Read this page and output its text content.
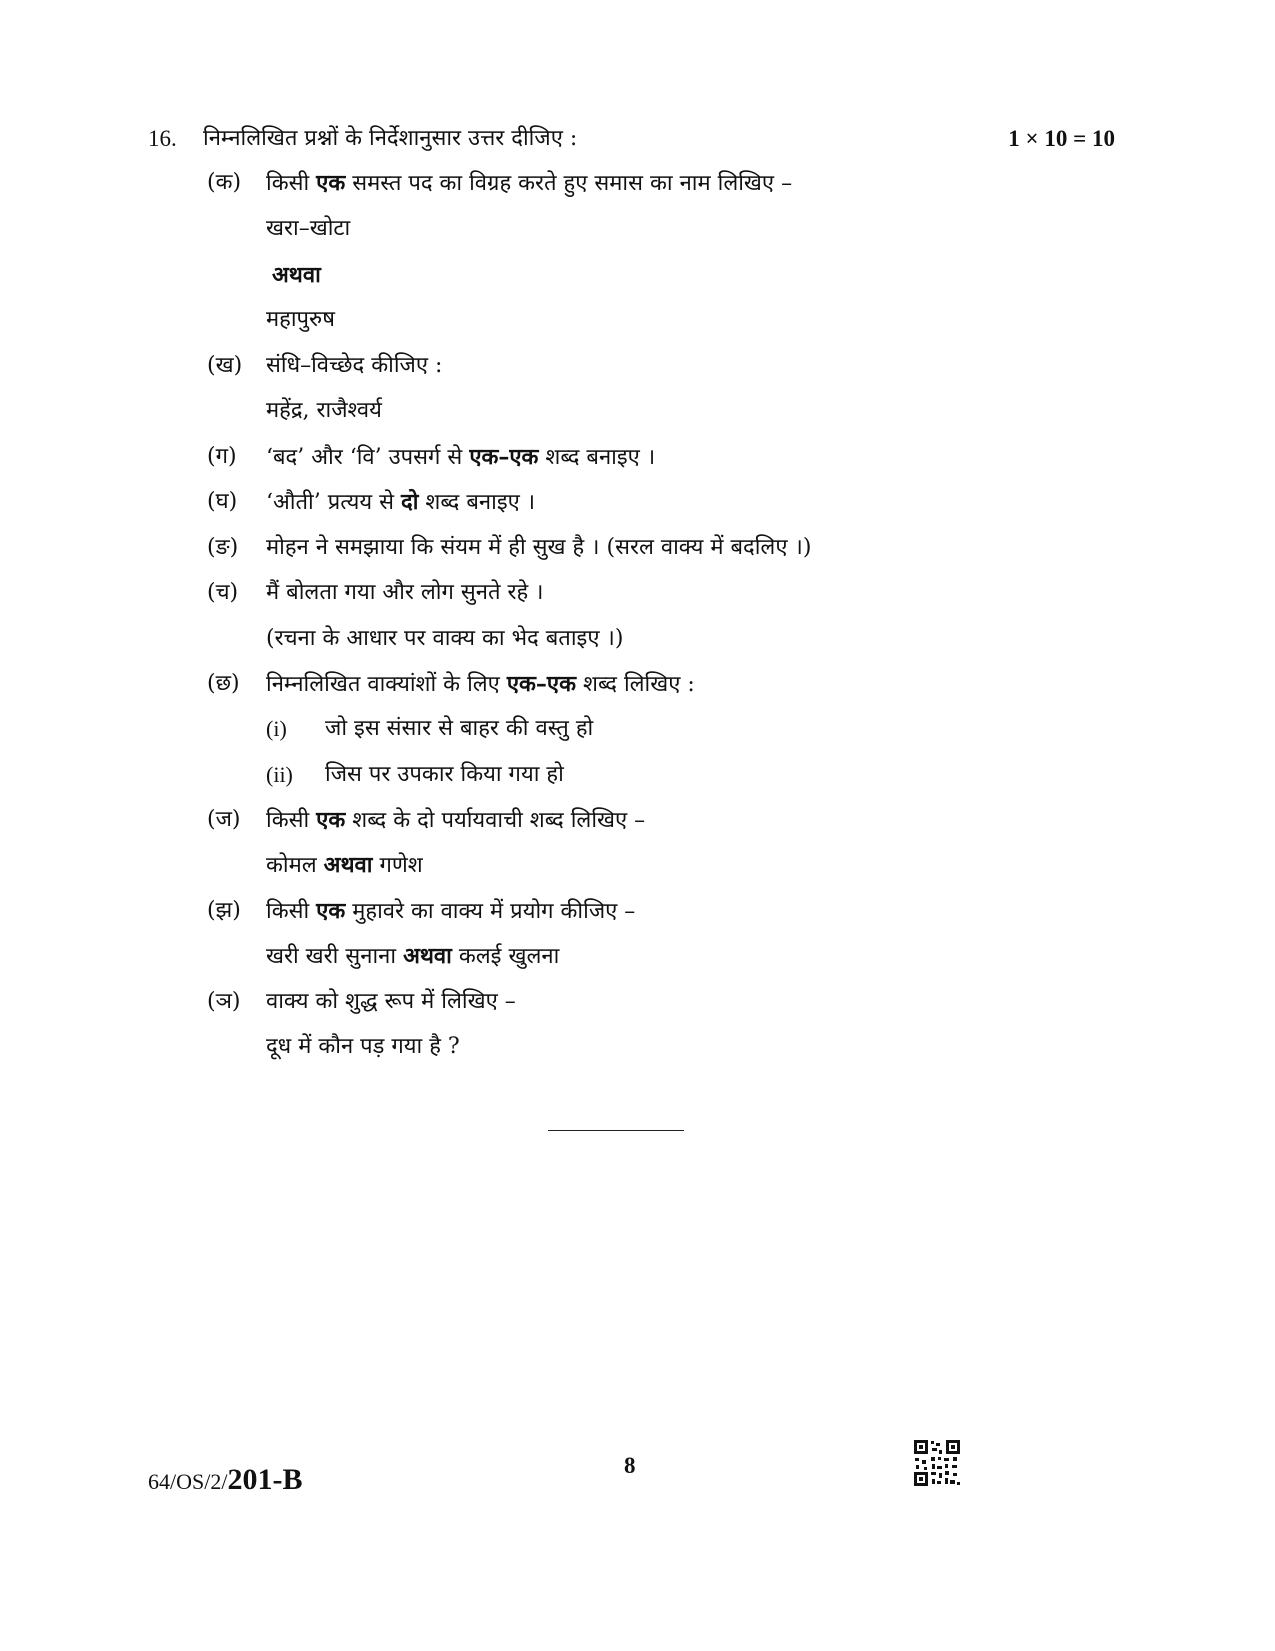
16. निम्नलिखित प्रश्नों के निर्देशानुसार उत्तर दीजिए :	1 × 10 = 10
(क) किसी एक समस्त पद का विग्रह करते हुए समास का नाम लिखिए –
खरा–खोटा
अथवा
महापुरुष
(ख) संधि–विच्छेद कीजिए :
महेंद्र, राजैश्वर्य
(ग) ‘बद’ और ‘वि’ उपसर्ग से एक–एक शब्द बनाइए ।
(घ) ‘औती’ प्रत्यय से दो शब्द बनाइए ।
(ङ) मोहन ने समझाया कि संयम में ही सुख है । (सरल वाक्य में बदलिए ।)
(च) मैं बोलता गया और लोग सुनते रहे ।
(रचना के आधार पर वाक्य का भेद बताइए ।)
(छ) निम्नलिखित वाक्यांशों के लिए एक–एक शब्द लिखिए :
(i) जो इस संसार से बाहर की वस्तु हो
(ii) जिस पर उपकार किया गया हो
(ज) किसी एक शब्द के दो पर्यायवाची शब्द लिखिए –
कोमल अथवा गणेश
(झ) किसी एक मुहावरे का वाक्य में प्रयोग कीजिए –
खरी खरी सुनाना अथवा कलई खुलना
(ञ) वाक्य को शुद्ध रूप में लिखिए –
दूध में कौन पड़ गया है ?
64/OS/2/201-B	8
